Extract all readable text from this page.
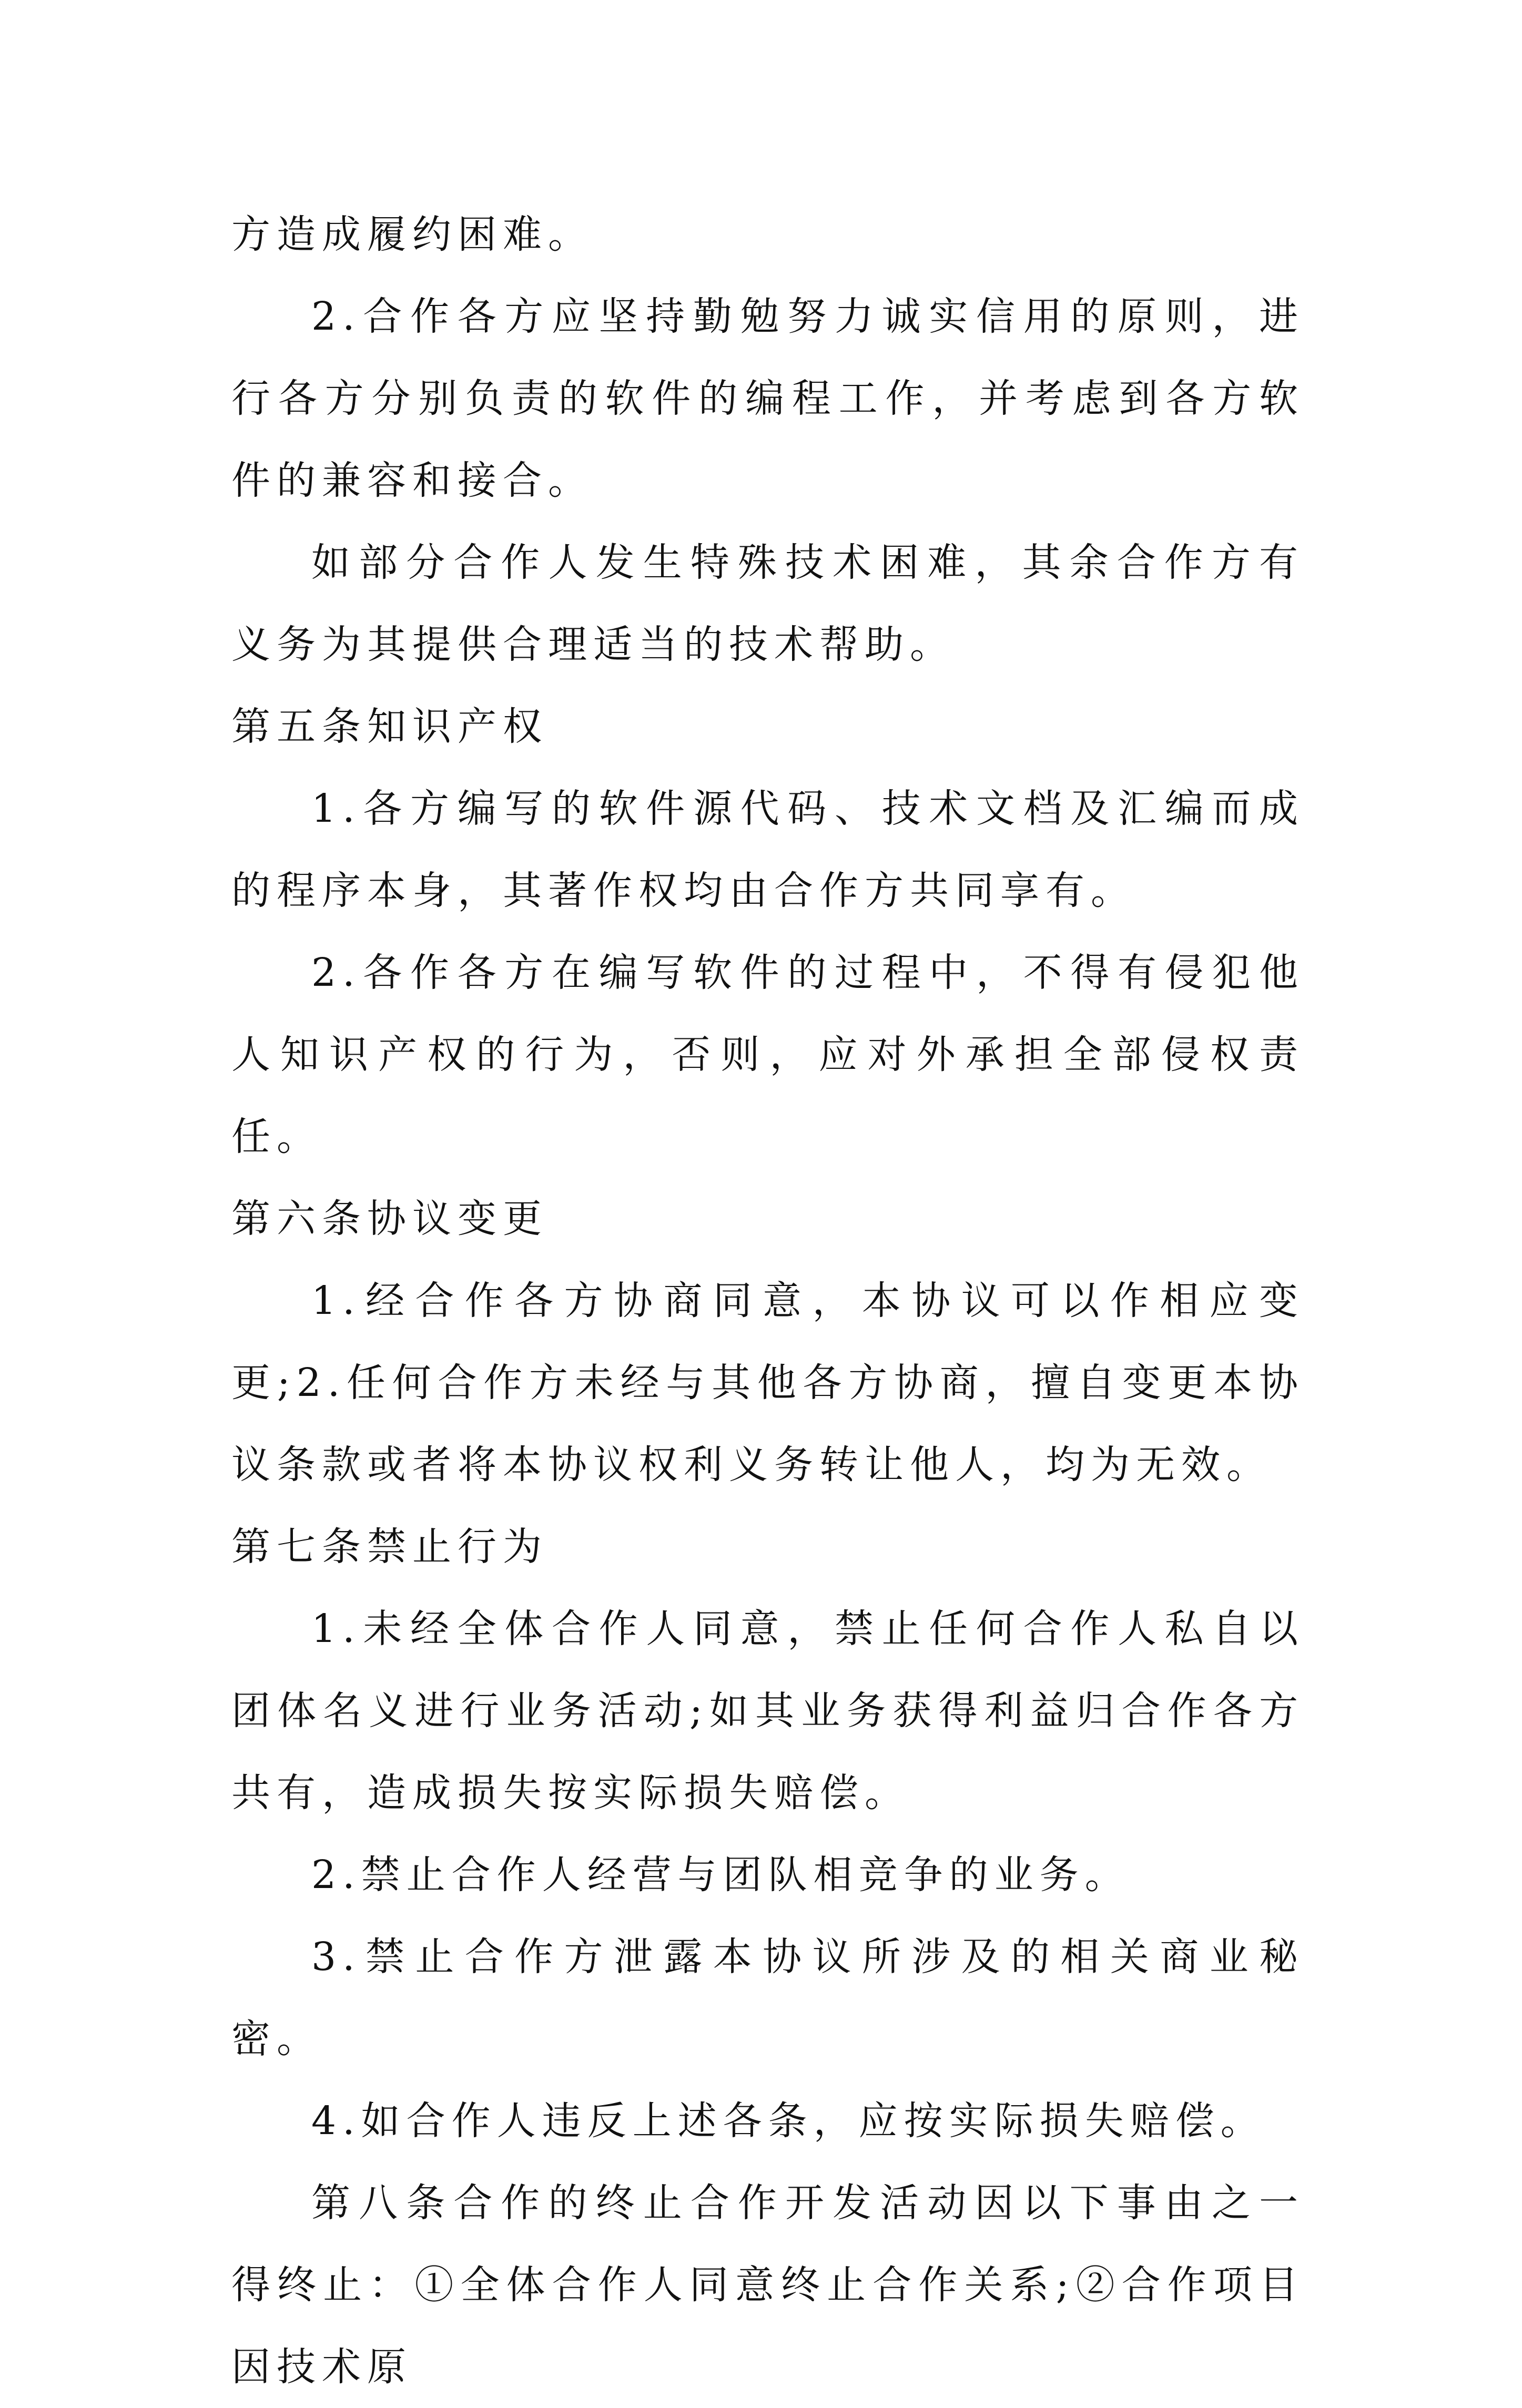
方造成履约困难。

2.合作各方应坚持勤勉努力诚实信用的原则，进行各方分别负责的软件的编程工作，并考虑到各方软件的兼容和接合。

如部分合作人发生特殊技术困难，其余合作方有义务为其提供合理适当的技术帮助。

第五条知识产权

1.各方编写的软件源代码、技术文档及汇编而成的程序本身，其著作权均由合作方共同享有。

2.各作各方在编写软件的过程中，不得有侵犯他人知识产权的行为，否则，应对外承担全部侵权责任。

第六条协议变更

1.经合作各方协商同意，本协议可以作相应变更;2.任何合作方未经与其他各方协商，擅自变更本协议条款或者将本协议权利义务转让他人，均为无效。

第七条禁止行为

1.未经全体合作人同意，禁止任何合作人私自以团体名义进行业务活动;如其业务获得利益归合作各方共有，造成损失按实际损失赔偿。

2.禁止合作人经营与团队相竞争的业务。

3.禁止合作方泄露本协议所涉及的相关商业秘密。

4.如合作人违反上述各条，应按实际损失赔偿。

第八条合作的终止合作开发活动因以下事由之一得终止：①全体合作人同意终止合作关系;②合作项目因技术原
